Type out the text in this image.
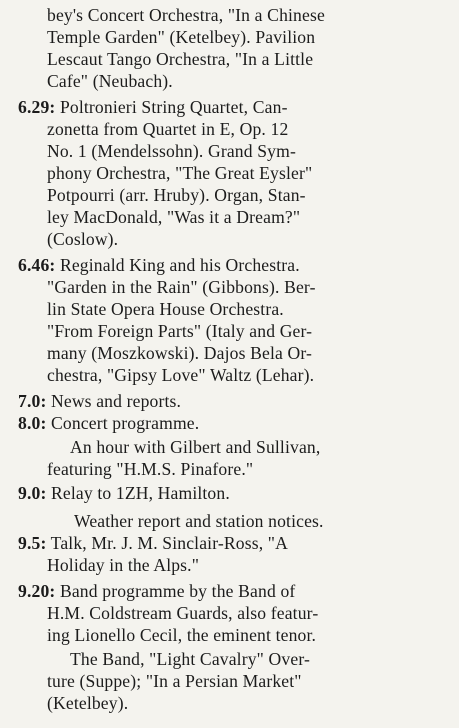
bey's Concert Orchestra, "In a Chinese
Temple Garden" (Ketelbey). Pavilion
Lescaut Tango Orchestra, "In a Little
Cafe" (Neubach).
6.29: Poltronieri String Quartet, Can-
zonetta from Quartet in E, Op. 12
No. 1 (Mendelssohn). Grand Sym-
phony Orchestra, "The Great Eysler"
Potpourri (arr. Hruby). Organ, Stan-
ley MacDonald, "Was it a Dream?"
(Coslow).
6.46: Reginald King and his Orchestra.
"Garden in the Rain" (Gibbons). Ber-
lin State Opera House Orchestra.
"From Foreign Parts" (Italy and Ger-
many (Moszkowski). Dajos Bela Or-
chestra, "Gipsy Love" Waltz (Lehar).
7.0: News and reports.
8.0: Concert programme.
An hour with Gilbert and Sullivan,
featuring "H.M.S. Pinafore."
9.0: Relay to 1ZH, Hamilton.
Weather report and station notices.
9.5: Talk, Mr. J. M. Sinclair-Ross, "A
Holiday in the Alps."
9.20: Band programme by the Band of
H.M. Coldstream Guards, also featur-
ing Lionello Cecil, the eminent tenor.
The Band, "Light Cavalry" Over-
ture (Suppe); "In a Persian Market"
(Ketelbey).
